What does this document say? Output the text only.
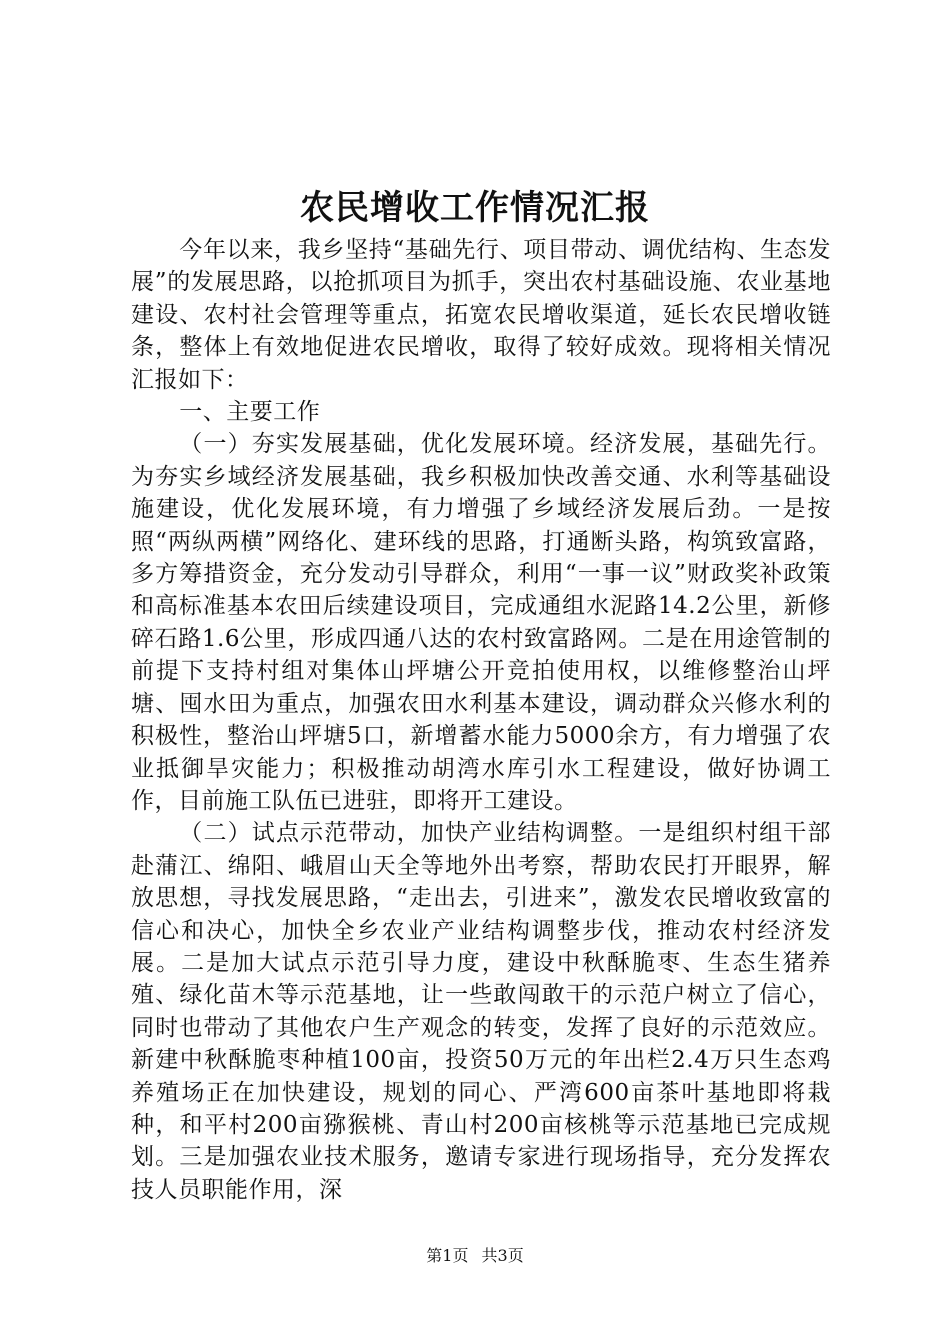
农民增收工作情况汇报

今年以来，我乡坚持“基础先行、项目带动、调优结构、生态发展”的发展思路，以抢抓项目为抓手，突出农村基础设施、农业基地建设、农村社会管理等重点，拓宽农民增收渠道，延长农民增收链条，整体上有效地促进农民增收，取得了较好成效。现将相关情况汇报如下：

一、主要工作

（一）夯实发展基础，优化发展环境。经济发展，基础先行。为夯实乡域经济发展基础，我乡积极加快改善交通、水利等基础设施建设，优化发展环境，有力增强了乡域经济发展后劲。一是按照“两纵两横”网络化、建环线的思路，打通断头路，构筑致富路，多方筹措资金，充分发动引导群众，利用“一事一议”财政奖补政策和高标准基本农田后续建设项目，完成通组水泥路14.2公里，新修碎石路1.6公里，形成四通八达的农村致富路网。二是在用途管制的前提下支持村组对集体山坪塘公开竞拍使用权，以维修整治山坪塘、囤水田为重点，加强农田水利基本建设，调动群众兴修水利的积极性，整治山坪塘5口，新增蓄水能力5000余方，有力增强了农业抵御旱灾能力；积极推动胡湾水库引水工程建设，做好协调工作，目前施工队伍已进驻，即将开工建设。

（二）试点示范带动，加快产业结构调整。一是组织村组干部赴蒲江、绵阳、峨眉山天全等地外出考察，帮助农民打开眼界，解放思想，寻找发展思路，“走出去，引进来”，激发农民增收致富的信心和决心，加快全乡农业产业结构调整步伐，推动农村经济发展。二是加大试点示范引导力度，建设中秋酥脆枣、生态生猪养殖、绿化苗木等示范基地，让一些敢闯敢干的示范户树立了信心，同时也带动了其他农户生产观念的转变，发挥了良好的示范效应。新建中秋酥脆枣种植100亩，投资50万元的年出栏2.4万只生态鸡养殖场正在加快建设，规划的同心、严湾600亩茶叶基地即将栽种，和平村200亩猕猴桃、青山村200亩核桃等示范基地已完成规划。三是加强农业技术服务，邀请专家进行现场指导，充分发挥农技人员职能作用，深

第1页 共3页
